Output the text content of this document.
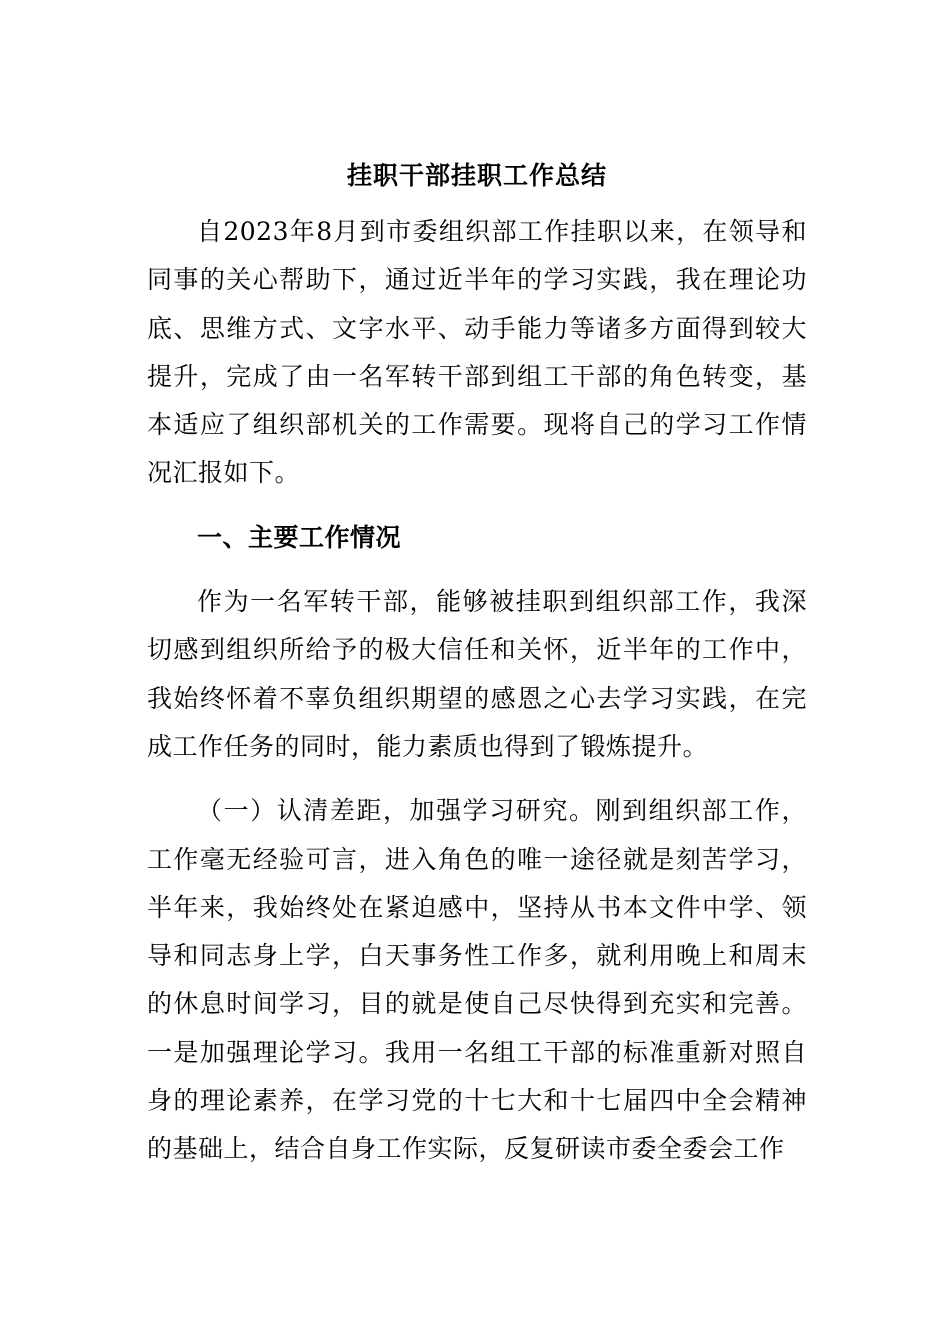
挂职干部挂职工作总结

自2023年8月到市委组织部工作挂职以来，在领导和同事的关心帮助下，通过近半年的学习实践，我在理论功底、思维方式、文字水平、动手能力等诸多方面得到较大提升，完成了由一名军转干部到组工干部的角色转变，基本适应了组织部机关的工作需要。现将自己的学习工作情况汇报如下。

一、主要工作情况

作为一名军转干部，能够被挂职到组织部工作，我深切感到组织所给予的极大信任和关怀，近半年的工作中，我始终怀着不辜负组织期望的感恩之心去学习实践，在完成工作任务的同时，能力素质也得到了锻炼提升。

（一）认清差距，加强学习研究。刚到组织部工作，工作毫无经验可言，进入角色的唯一途径就是刻苦学习，半年来，我始终处在紧迫感中，坚持从书本文件中学、领导和同志身上学，白天事务性工作多，就利用晚上和周末的休息时间学习，目的就是使自己尽快得到充实和完善。一是加强理论学习。我用一名组工干部的标准重新对照自身的理论素养，在学习党的十七大和十七届四中全会精神的基础上，结合自身工作实际，反复研读市委全委会工作
